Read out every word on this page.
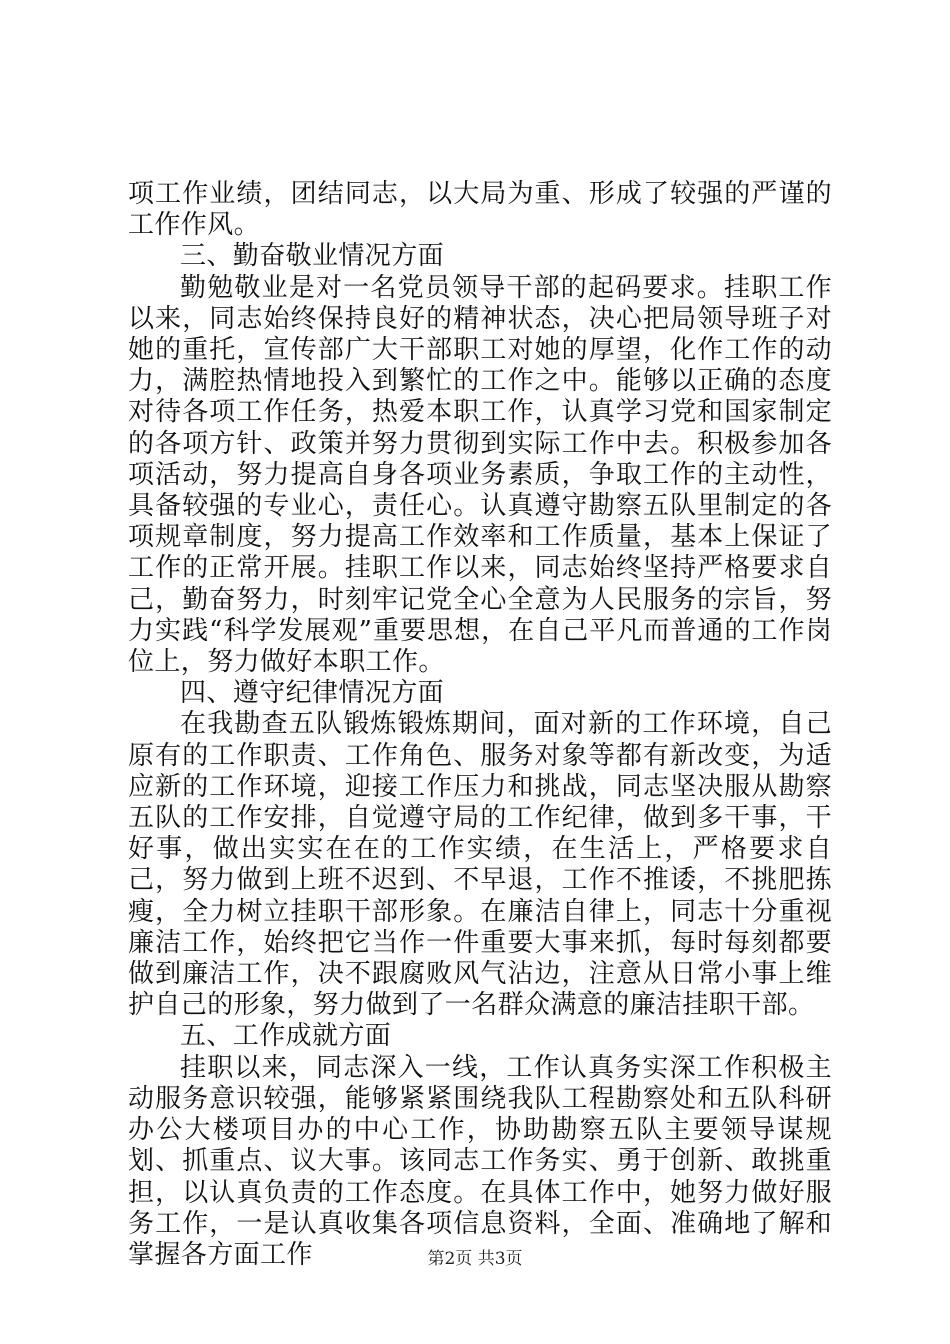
项工作业绩，团结同志，以大局为重、形成了较强的严谨的工作作风。

三、勤奋敬业情况方面

勤勉敬业是对一名党员领导干部的起码要求。挂职工作以来，同志始终保持良好的精神状态，决心把局领导班子对她的重托，宣传部广大干部职工对她的厚望，化作工作的动力，满腔热情地投入到繁忙的工作之中。能够以正确的态度对待各项工作任务，热爱本职工作，认真学习党和国家制定的各项方针、政策并努力贯彻到实际工作中去。积极参加各项活动，努力提高自身各项业务素质，争取工作的主动性，具备较强的专业心，责任心。认真遵守勘察五队里制定的各项规章制度，努力提高工作效率和工作质量，基本上保证了工作的正常开展。挂职工作以来，同志始终坚持严格要求自己，勤奋努力，时刻牢记党全心全意为人民服务的宗旨，努力实践“科学发展观”重要思想，在自己平凡而普通的工作岗位上，努力做好本职工作。

四、遵守纪律情况方面

在我勘查五队锻炼锻炼期间，面对新的工作环境，自己原有的工作职责、工作角色、服务对象等都有新改变，为适应新的工作环境，迎接工作压力和挑战，同志坚决服从勘察五队的工作安排，自觉遵守局的工作纪律，做到多干事，干好事，做出实实在在的工作实绩，在生活上，严格要求自己，努力做到上班不迟到、不早退，工作不推诿，不挑肥拣瘦，全力树立挂职干部形象。在廉洁自律上，同志十分重视廉洁工作，始终把它当作一件重要大事来抓，每时每刻都要做到廉洁工作，决不跟腐败风气沾边，注意从日常小事上维护自己的形象，努力做到了一名群众满意的廉洁挂职干部。

五、工作成就方面

挂职以来，同志深入一线，工作认真务实深工作积极主动服务意识较强，能够紧紧围绕我队工程勘察处和五队科研办公大楼项目办的中心工作，协助勘察五队主要领导谋规划、抓重点、议大事。该同志工作务实、勇于创新、敢挑重担，以认真负责的工作态度。在具体工作中，她努力做好服务工作，一是认真收集各项信息资料，全面、准确地了解和掌握各方面工作	第2页 共3页
